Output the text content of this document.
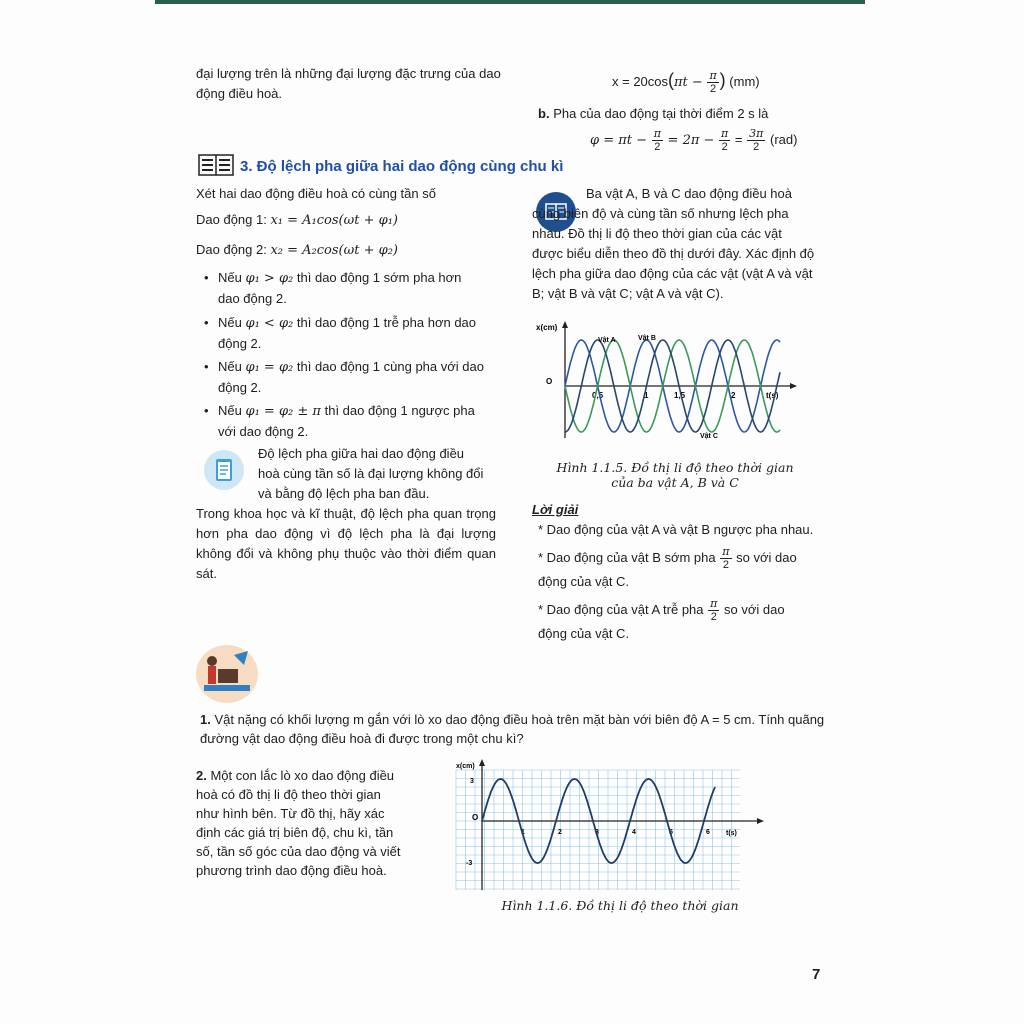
đại lượng trên là những đại lượng đặc trưng của dao động điều hoà.

$x = 20\cos(\pi t - \frac{\pi}{2}$ ) (mm)
b. Pha của dao động tại thời điểm 2 s là
$\varphi = \pi t - \frac{\pi}{2} = 2\pi - \frac{\pi}{2} = \frac{3\pi}{2} (rad)$
3. Độ lệch pha giữa hai dao động cùng chu kì

Xét hai dao động điều hoà có cùng tần số

Dao động 1: x₁ = A₁cos(ωt + φ₁)
Dao động 2: x₂ = A₂cos(ωt + φ₂)
• Nếu φ₁ > φ₂ thì dao động 1 sớm pha hơn
dao động 2.
• Nếu φ₁ < φ₂ thì dao động 1 trễ pha hơn dao
động 2.
• Nếu φ₁ = φ₂ thì dao động 1 cùng pha với dao
động 2.
• Nếu φ₁ = φ₂ ± π thì dao động 1 ngược pha
với dao động 2.

Độ lệch pha giữa hai dao động điều hoà cùng tần số là đại lượng không đổi và bằng độ lệch pha ban đầu.

Trong khoa học và kĩ thuật, độ lệch pha quan trọng hơn pha dao động vì độ lệch pha là đại lượng không đổi và không phụ thuộc vào thời điểm quan sát.

Ba vật A, B và C dao động điều hoà cùng biên độ và cùng tần số nhưng lệch pha nhau. Đồ thị li độ theo thời gian của các vật được biểu diễn theo đồ thị dưới đây. Xác định độ lệch pha giữa dao động của các vật (vật A và vật B; vật B và vật C; vật A và vật C).

x(cm)
O
t(s)
0,5	1	1,5	2
Vật A	Vật B
Vật C
Hình 1.1.5. Đồ thị li độ theo thời gian
của ba vật A, B và C
Lời giải
* Dao động của vật A và vật B ngược pha nhau.
* Dao động của vật B sớm pha $\frac{\pi}{2}$ so với dao
động của vật C.
* Dao động của vật A trễ pha $\frac{\pi}{2}$ so với dao
động của vật C.
1. Vật nặng có khối lượng m gắn với lò xo dao động điều hoà trên mặt bàn với biên độ A = 5 cm. Tính quãng đường vật dao động điều hoà đi được trong một chu kì?
2. Một con lắc lò xo dao động điều hoà có đồ thị li độ theo thời gian như hình bên. Từ đồ thị, hãy xác định các giá trị biên độ, chu kì, tần số, tần số góc của dao động và viết phương trình dao động điều hoà.
x(cm)
O
t(s)
3
-3
1	2	3	4	5	6
Hình 1.1.6. Đồ thị li độ theo thời gian
7
